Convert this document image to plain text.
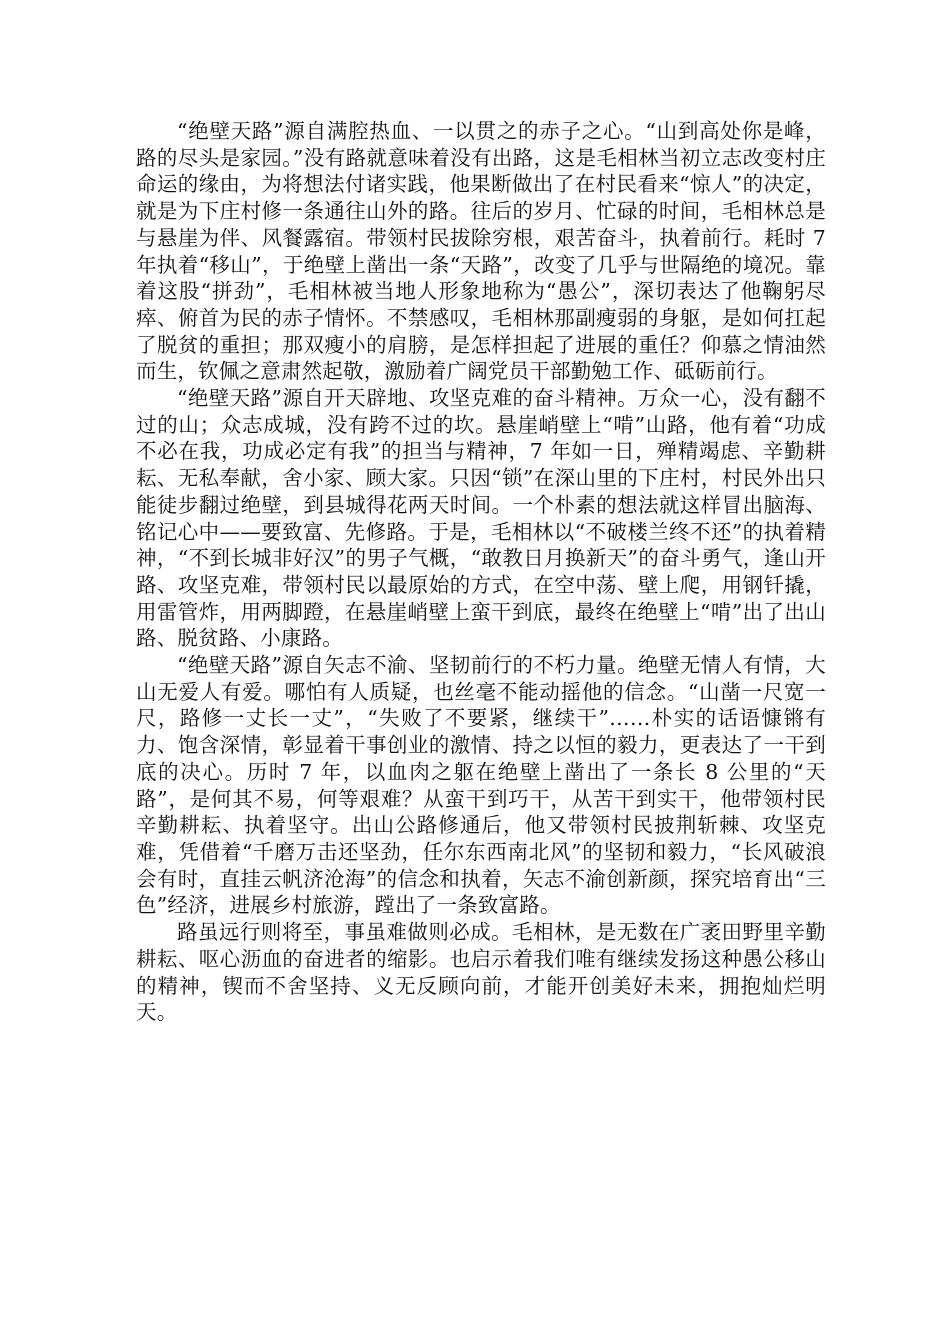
“绝壁天路”源自满腔热血、一以贯之的赤子之心。“山到高处你是峰，路的尽头是家园。”没有路就意味着没有出路，这是毛相林当初立志改变村庄命运的缘由，为将想法付诸实践，他果断做出了在村民看来“惊人”的决定，就是为下庄村修一条通往山外的路。往后的岁月、忙碌的时间，毛相林总是与悬崖为伴、风餐露宿。带领村民拔除穷根，艰苦奋斗，执着前行。耗时 7 年执着“移山”，于绝壁上凿出一条“天路”，改变了几乎与世隔绝的境况。靠着这股“拼劲”，毛相林被当地人形象地称为“愚公”，深切表达了他鞠躬尽瘁、俯首为民的赤子情怀。不禁感叹，毛相林那副瘦弱的身躯，是如何扛起了脱贫的重担；那双瘦小的肩膀，是怎样担起了进展的重任？仰慕之情油然而生，钦佩之意肃然起敬，激励着广阔党员干部勤勉工作、砥砺前行。

“绝壁天路”源自开天辟地、攻坚克难的奋斗精神。万众一心，没有翻不过的山；众志成城，没有跨不过的坎。悬崖峭壁上“啃”山路，他有着“功成不必在我，功成必定有我”的担当与精神，7 年如一日，殚精竭虑、辛勤耕耘、无私奉献，舍小家、顾大家。只因“锁”在深山里的下庄村，村民外出只能徒步翻过绝壁，到县城得花两天时间。一个朴素的想法就这样冒出脑海、铭记心中——要致富、先修路。于是，毛相林以“不破楼兰终不还”的执着精神，“不到长城非好汉”的男子气概，“敢教日月换新天”的奋斗勇气，逢山开路、攻坚克难，带领村民以最原始的方式，在空中荡、壁上爬，用钢钎撬，用雷管炸，用两脚蹬，在悬崖峭壁上蛮干到底，最终在绝壁上“啃”出了出山路、脱贫路、小康路。

“绝壁天路”源自矢志不渝、坚韧前行的不朽力量。绝壁无情人有情，大山无爱人有爱。哪怕有人质疑，也丝毫不能动摇他的信念。“山凿一尺宽一尺，路修一丈长一丈”，“失败了不要紧，继续干”……朴实的话语慷锵有力、饱含深情，彰显着干事创业的激情、持之以恒的毅力，更表达了一干到底的决心。历时 7 年，以血肉之躯在绝壁上凿出了一条长 8 公里的“天路”，是何其不易，何等艰难？从蛮干到巧干，从苦干到实干，他带领村民辛勤耕耘、执着坚守。出山公路修通后，他又带领村民披荆斩棘、攻坚克难，凭借着“千磨万击还坚劲，任尔东西南北风”的坚韧和毅力，“长风破浪会有时，直挂云帆济沧海”的信念和执着，矢志不渝创新颜，探究培育出“三色”经济，进展乡村旅游，蹚出了一条致富路。

路虽远行则将至，事虽难做则必成。毛相林，是无数在广袤田野里辛勤耕耘、呕心沥血的奋进者的缩影。也启示着我们唯有继续发扬这种愚公移山的精神，锲而不舍坚持、义无反顾向前，才能开创美好未来，拥抱灿烂明天。
